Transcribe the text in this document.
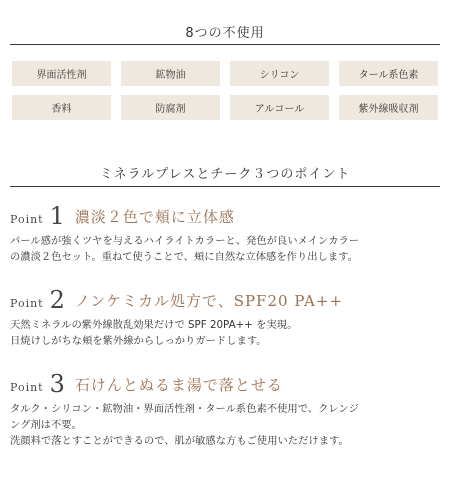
8つの不使用
界面活性剤	鉱物油	シリコン	タール系色素
香料	防腐剤	アルコール	紫外線吸収剤
ミネラルプレスとチーク３つのポイント
Point 1 濃淡２色で頬に立体感
パール感が強くツヤを与えるハイライトカラーと、発色が良いメインカラー
の濃淡２色セット。重ねて使うことで、頬に自然な立体感を作り出します。
Point 2 ノンケミカル処方で、SPF20 PA++
天然ミネラルの紫外線散乱効果だけで SPF 20PA++ を実現。
日焼けしがちな頬を紫外線からしっかりガードします。
Point 3 石けんとぬるま湯で落とせる
タルク・シリコン・鉱物油・界面活性剤・タール系色素不使用で、クレンジ
ング剤は不要。
洗顔料で落とすことができるので、肌が敏感な方もご使用いただけます。
